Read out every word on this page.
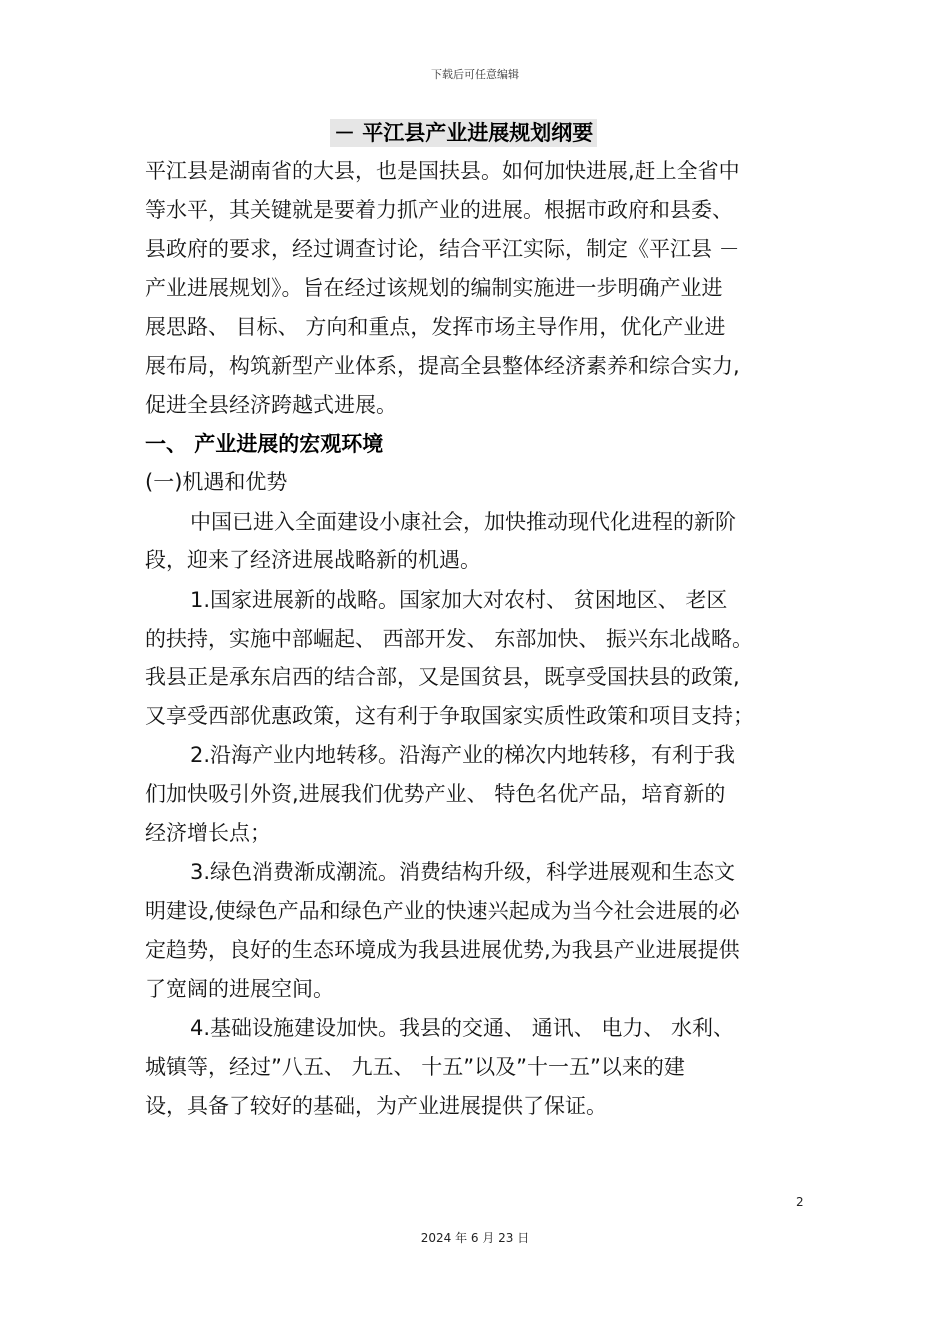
下载后可任意编辑
－ 平江县产业进展规划纲要
平江县是湖南省的大县，也是国扶县。如何加快进展,赶上全省中
等水平，其关键就是要着力抓产业的进展。根据市政府和县委、
县政府的要求，经过调查讨论，结合平江实际，制定《平江县 －
产业进展规划》。旨在经过该规划的编制实施进一步明确产业进
展思路、 目标、 方向和重点，发挥市场主导作用，优化产业进
展布局，构筑新型产业体系，提高全县整体经济素养和综合实力,
促进全县经济跨越式进展。
一、 产业进展的宏观环境
(一)机遇和优势
中国已进入全面建设小康社会，加快推动现代化进程的新阶
段，迎来了经济进展战略新的机遇。
1.国家进展新的战略。国家加大对农村、 贫困地区、 老区
的扶持，实施中部崛起、 西部开发、 东部加快、 振兴东北战略。
我县正是承东启西的结合部，又是国贫县，既享受国扶县的政策,
又享受西部优惠政策，这有利于争取国家实质性政策和项目支持；
2.沿海产业内地转移。沿海产业的梯次内地转移，有利于我
们加快吸引外资,进展我们优势产业、 特色名优产品，培育新的
经济增长点；
3.绿色消费渐成潮流。消费结构升级，科学进展观和生态文
明建设,使绿色产品和绿色产业的快速兴起成为当今社会进展的必
定趋势，良好的生态环境成为我县进展优势,为我县产业进展提供
了宽阔的进展空间。
4.基础设施建设加快。我县的交通、 通讯、 电力、 水利、
城镇等，经过”八五、 九五、 十五”以及”十一五”以来的建
设，具备了较好的基础，为产业进展提供了保证。
2
2024 年 6 月 23 日
